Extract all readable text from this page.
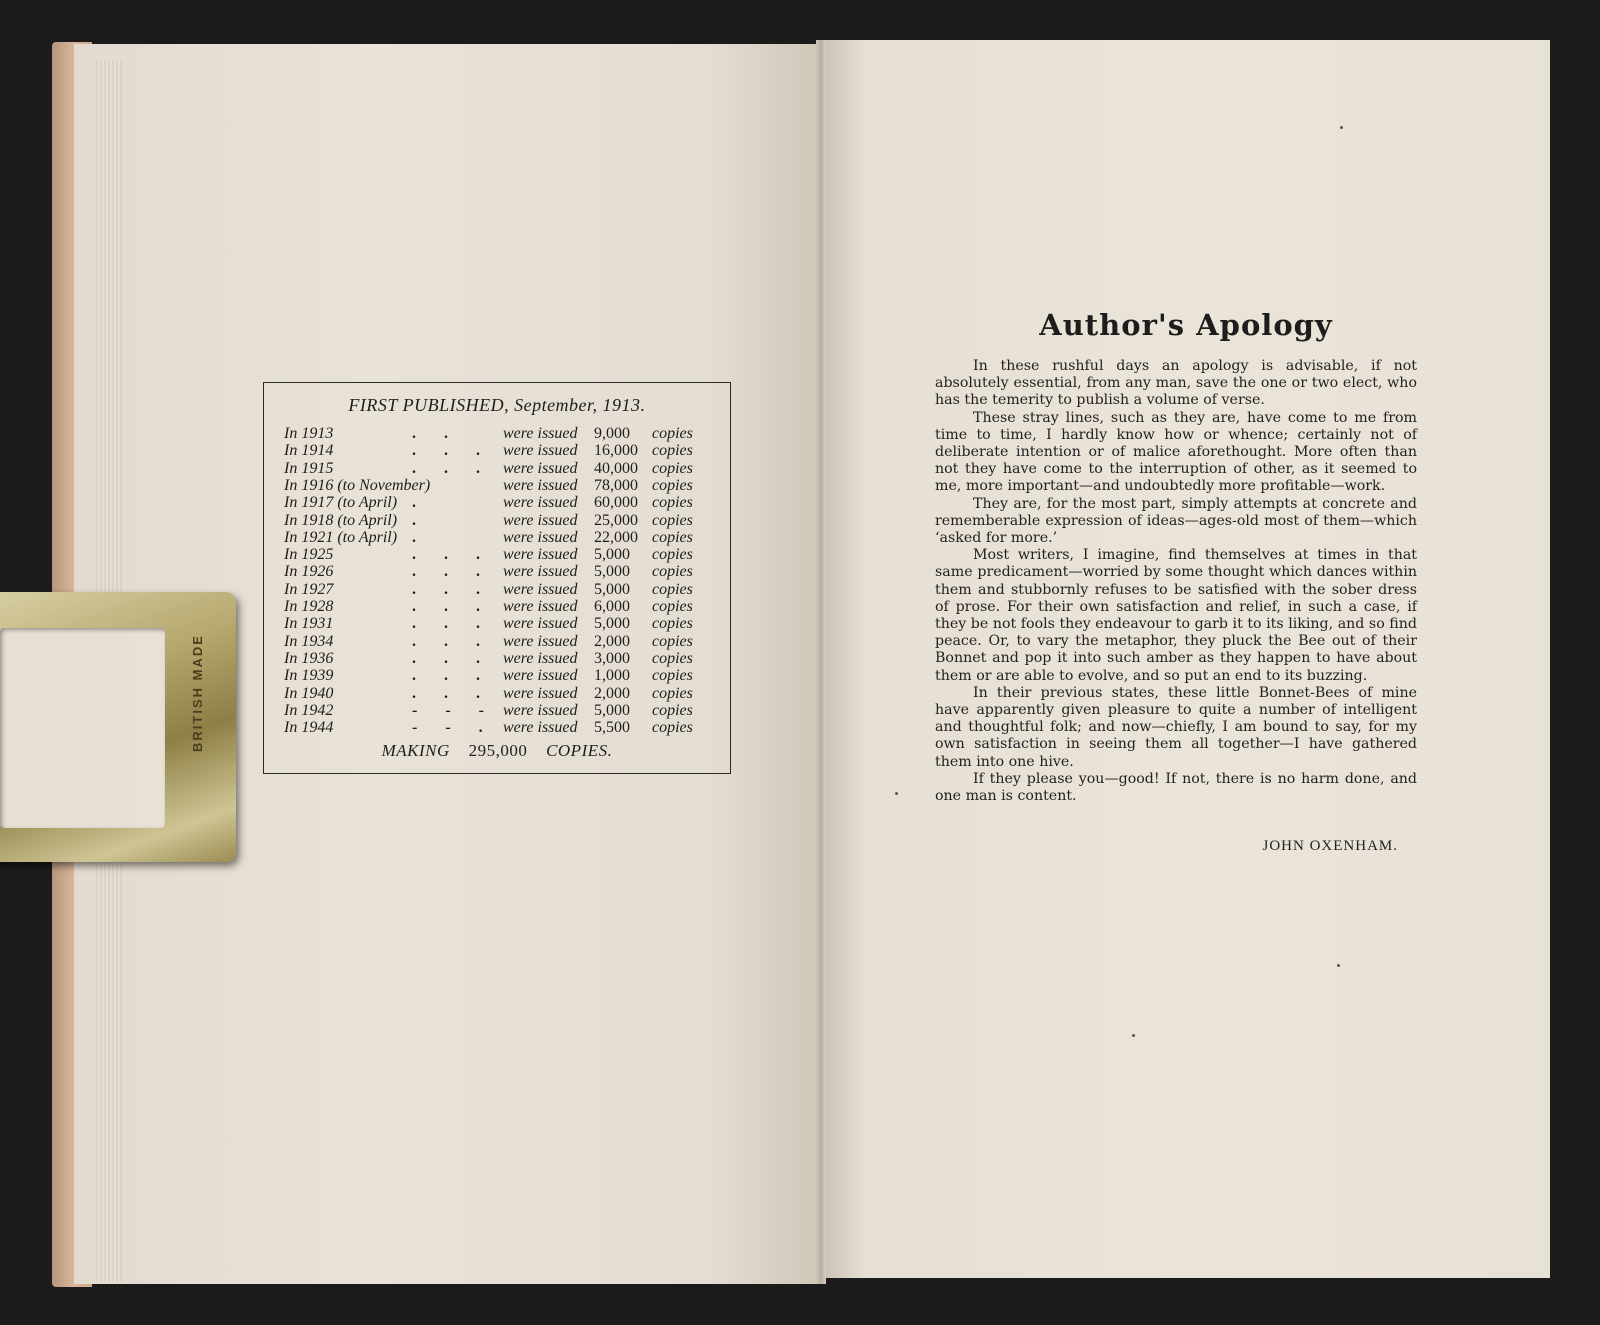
FIRST PUBLISHED, September, 1913.
In 1913	. .	were issued 9,000 copies
In 1914	. . . were issued 16,000 copies
In 1915	. . . were issued 40,000 copies
In 1916 (to November)	were issued 78,000 copies
In 1917 (to April) .	were issued 60,000 copies
In 1918 (to April) .	were issued 25,000 copies
In 1921 (to April) .	were issued 22,000 copies
In 1925	. . . were issued 5,000 copies
In 1926	. . . were issued 5,000 copies
In 1927	. . . were issued 5,000 copies
In 1928	. . . were issued 6,000 copies
In 1931	. . . were issued 5,000 copies
In 1934	. . . were issued 2,000 copies
In 1936	. . . were issued 3,000 copies
In 1939	. . . were issued 1,000 copies
In 1940	. . . were issued 2,000 copies
In 1942	- - - were issued 5,000 copies
In 1944	- - . were issued 5,500 copies
MAKING 295,000 COPIES.
BRITISH MADE
Author's Apology

In these rushful days an apology is advisable, if not absolutely essential, from any man, save the one or two elect, who has the temerity to publish a volume of verse.

These stray lines, such as they are, have come to me from time to time, I hardly know how or whence; certainly not of deliberate intention or of malice aforethought. More often than not they have come to the interruption of other, as it seemed to me, more important—and undoubtedly more profitable—work.

They are, for the most part, simply attempts at concrete and rememberable expression of ideas—ages-old most of them—which ‘asked for more.’

Most writers, I imagine, find themselves at times in that same predicament—worried by some thought which dances within them and stubbornly refuses to be satisfied with the sober dress of prose. For their own satisfaction and relief, in such a case, if they be not fools they endeavour to garb it to its liking, and so find peace. Or, to vary the metaphor, they pluck the Bee out of their Bonnet and pop it into such amber as they happen to have about them or are able to evolve, and so put an end to its buzzing.

In their previous states, these little Bonnet-Bees of mine have apparently given pleasure to quite a number of intelligent and thoughtful folk; and now—chiefly, I am bound to say, for my own satisfaction in seeing them all together—I have gathered them into one hive.

If they please you—good! If not, there is no harm done, and one man is content.

JOHN OXENHAM.
